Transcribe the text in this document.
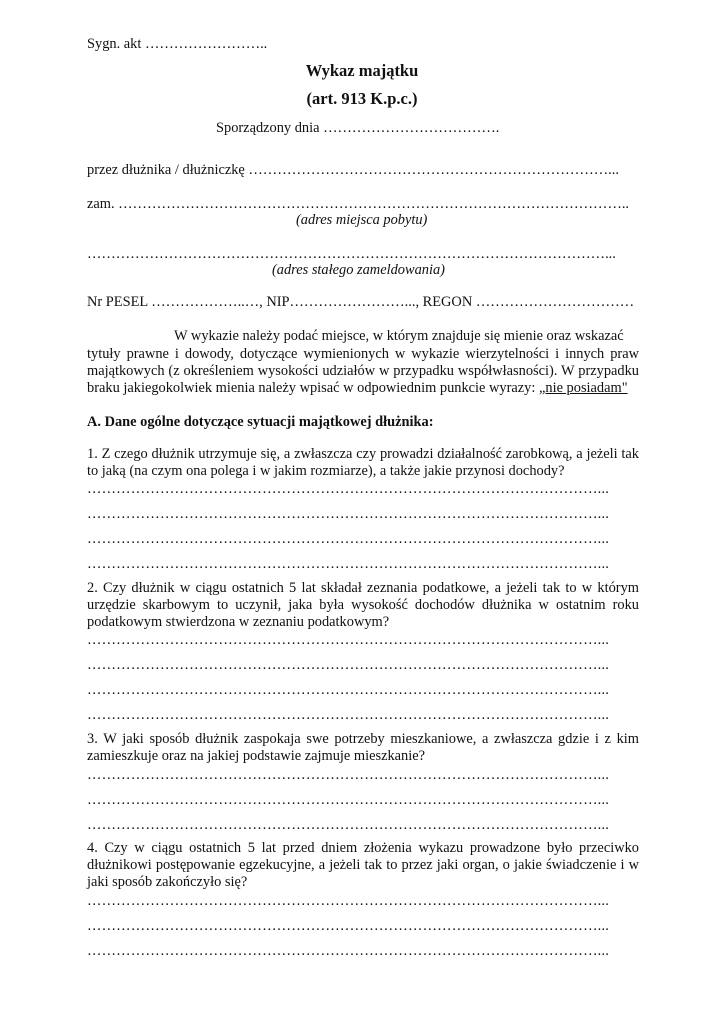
Sygn. akt ……………………..
Wykaz majątku
(art. 913 K.p.c.)
Sporządzony dnia ……………………………….
przez dłużnika / dłużniczkę …………………………………………………………………...
zam. ……………………………………………………………………………………………..
(adres miejsca pobytu)
………………………………………………………………………………………………...
(adres stałego zameldowania)
Nr PESEL ………………..…, NIP……………………..., REGON ……………………………
W wykazie należy podać miejsce, w którym znajduje się mienie oraz wskazać
tytuły prawne i dowody, dotyczące wymienionych w wykazie wierzytelności i innych praw
majątkowych (z określeniem wysokości udziałów w przypadku współwłasności). W przypadku
braku jakiegokolwiek mienia należy wpisać w odpowiednim punkcie wyrazy: „nie posiadam"
A. Dane ogólne dotyczące sytuacji majątkowej dłużnika:
1. Z czego dłużnik utrzymuje się, a zwłaszcza czy prowadzi działalność zarobkową, a jeżeli tak
to jaką (na czym ona polega i w jakim rozmiarze), a także jakie przynosi dochody?
……………………………………………………………………………………………...
……………………………………………………………………………………………...
……………………………………………………………………………………………...
……………………………………………………………………………………………...
2. Czy dłużnik w ciągu ostatnich 5 lat składał zeznania podatkowe, a jeżeli tak to w którym
urzędzie skarbowym to uczynił, jaka była wysokość dochodów dłużnika w ostatnim roku
podatkowym stwierdzona w zeznaniu podatkowym?
……………………………………………………………………………………………...
……………………………………………………………………………………………...
……………………………………………………………………………………………...
……………………………………………………………………………………………...
3. W jaki sposób dłużnik zaspokaja swe potrzeby mieszkaniowe, a zwłaszcza gdzie i z kim
zamieszkuje oraz na jakiej podstawie zajmuje mieszkanie?
……………………………………………………………………………………………...
……………………………………………………………………………………………...
……………………………………………………………………………………………...
4. Czy w ciągu ostatnich 5 lat przed dniem złożenia wykazu prowadzone było przeciwko
dłużnikowi postępowanie egzekucyjne, a jeżeli tak to przez jaki organ, o jakie świadczenie i w
jaki sposób zakończyło się?
……………………………………………………………………………………………...
……………………………………………………………………………………………...
……………………………………………………………………………………………...
